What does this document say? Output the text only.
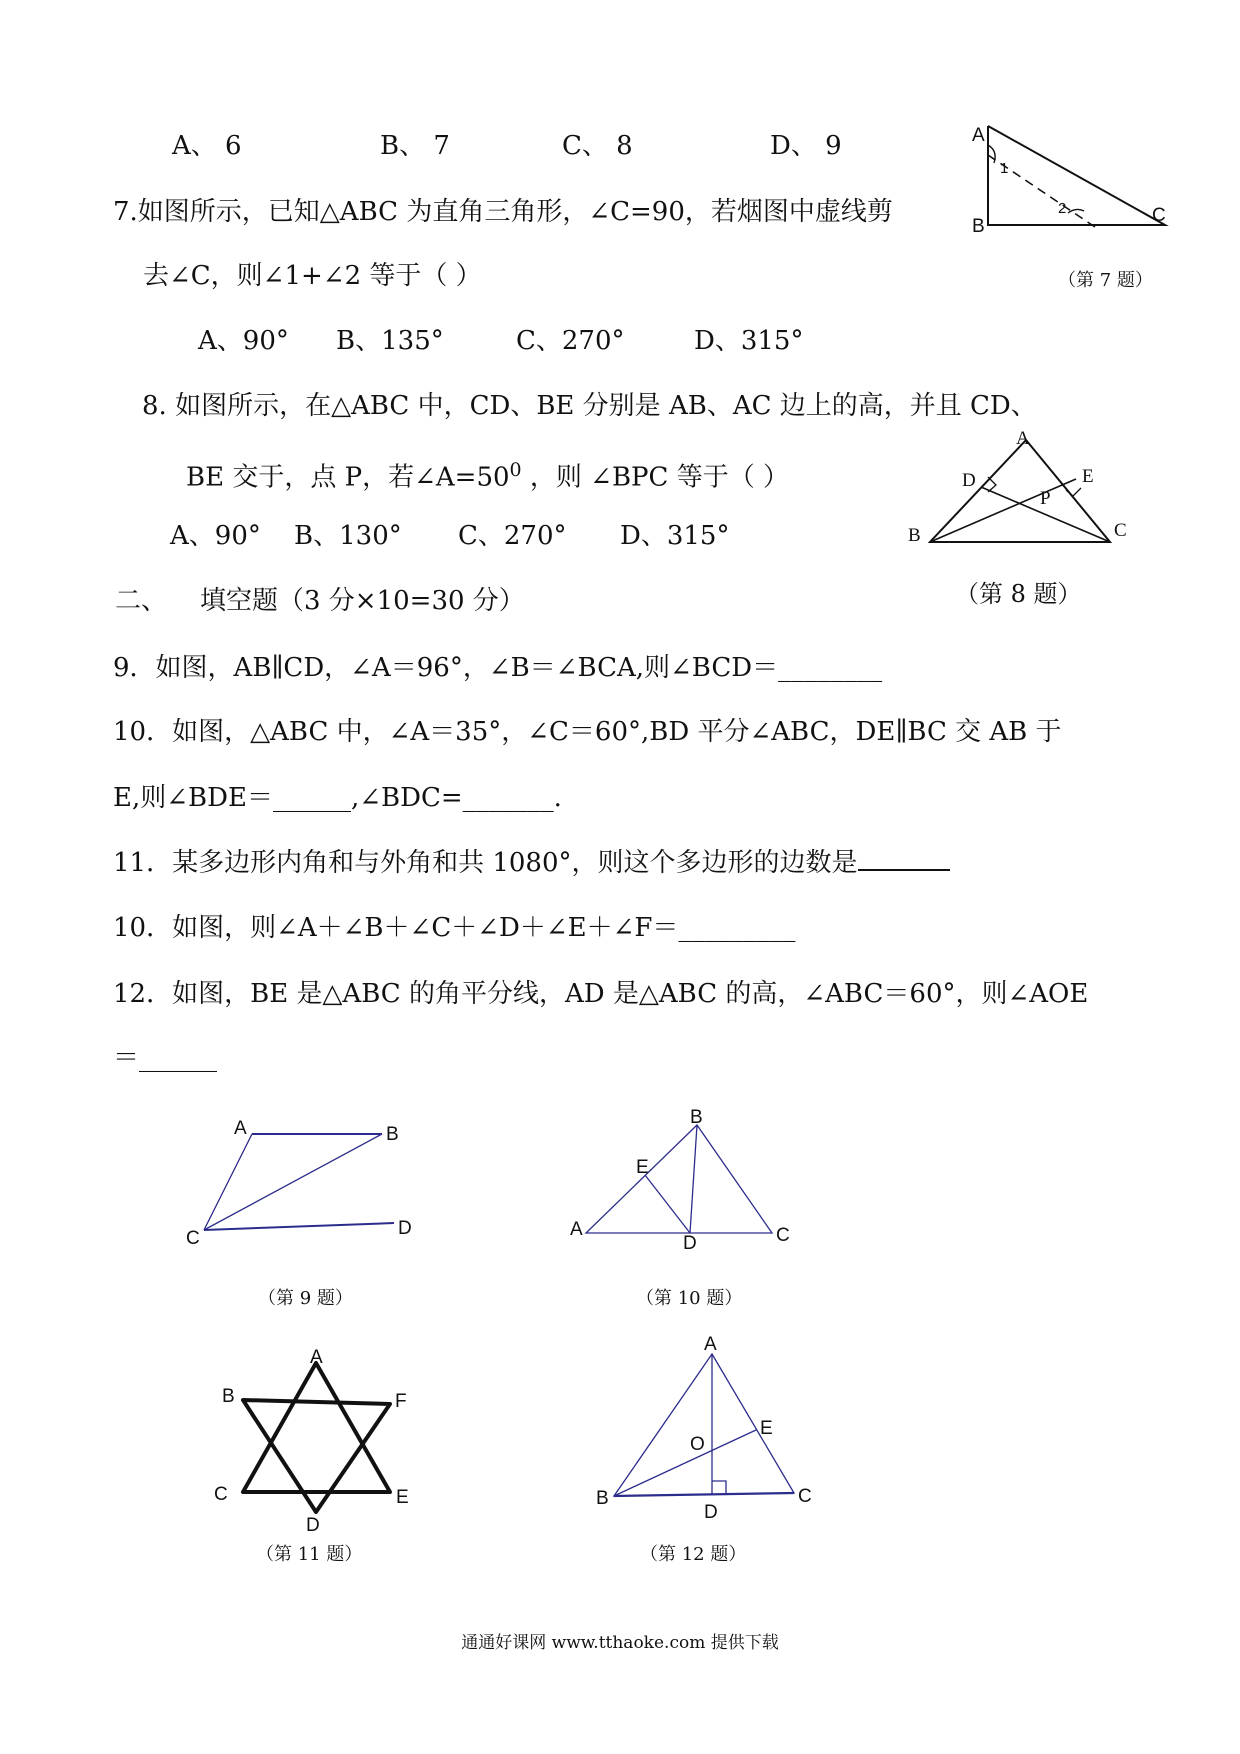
A、 6	B、 7	C、 8	D、 9
7.如图所示，已知△ABC 为直角三角形，∠C=90，若烟图中虚线剪
去∠C，则∠1+∠2 等于（ ）
A、90° B、135°	C、270°	D、315°
（第 7 题）
A
B
C
1
2
8. 如图所示，在△ABC 中，CD、BE 分别是 AB、AC 边上的高，并且 CD、
BE 交于，点 P，若$\angle A=50^0$ ，则 ∠BPC 等于（ ）
A、90° B、130° C、270° D、315°
（第 8 题）
A
B	C
D	E
P
二、 填空题（3 分×10=30 分）
9．如图，AB∥CD，∠A＝96°，∠B＝∠BCA,则∠BCD＝________
10．如图，△ABC 中，∠A＝35°，∠C＝60°,BD 平分∠ABC，DE∥BC 交 AB 于
E,则∠BDE＝______,∠BDC=_______.
11．某多边形内角和与外角和共 1080°，则这个多边形的边数是
10．如图，则∠A＋∠B＋∠C＋∠D＋∠E＋∠F＝_________
12．如图，BE 是△ABC 的角平分线，AD 是△ABC 的高，∠ABC＝60°，则∠AOE
＝______
A	B
C	D
（第 9 题）
B
E
A
D	C
（第 10 题）
A
B	F
C	E
D
（第 11 题）
A
O
E
B
D
C
（第 12 题）
通通好课网 www.tthaoke.com 提供下载
